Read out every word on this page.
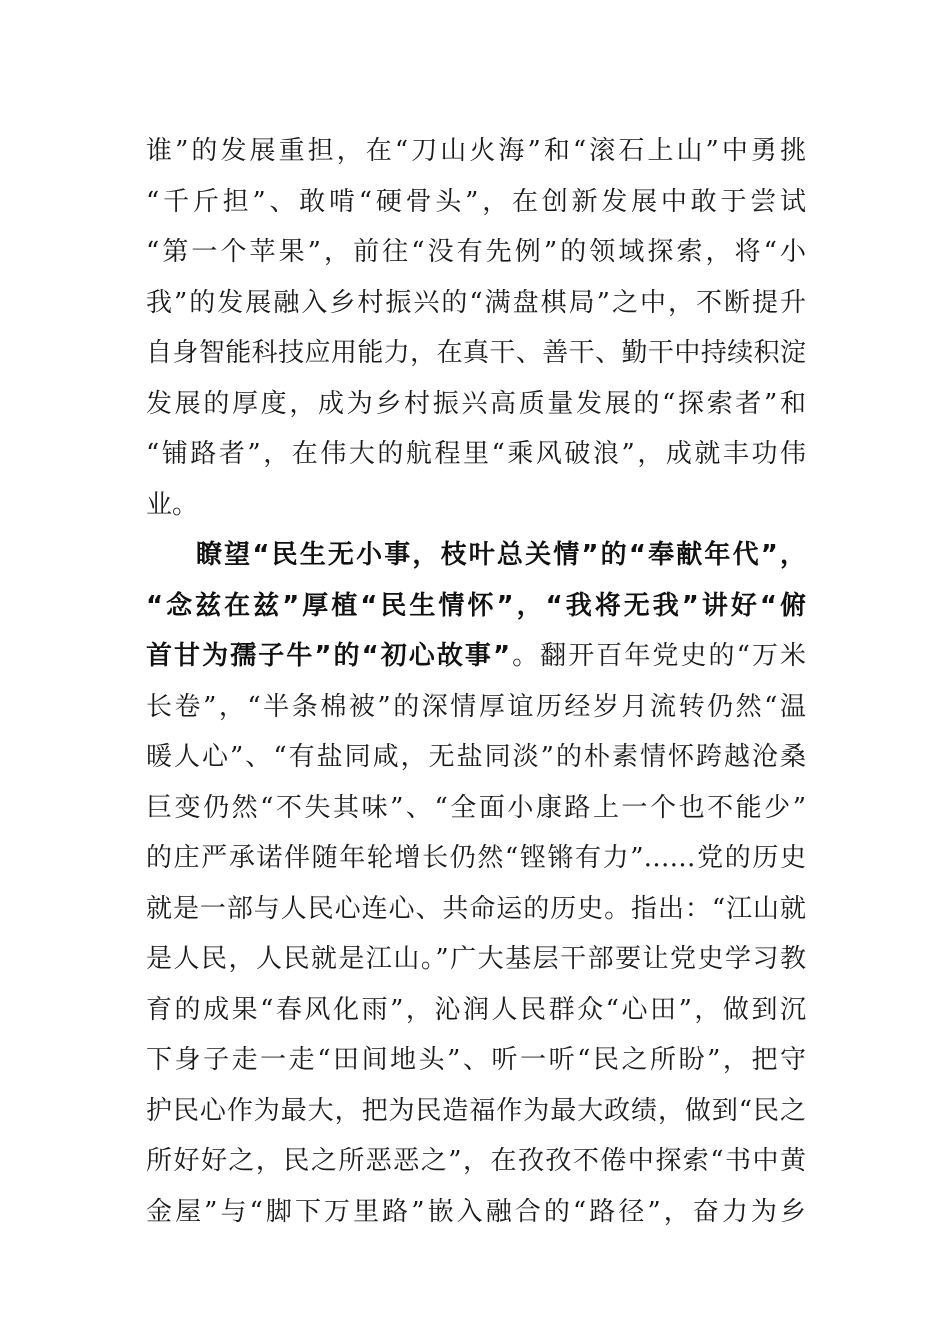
谁”的发展重担，在“刀山火海”和“滚石上山”中勇挑
“千斤担”、敢啃“硬骨头”，在创新发展中敢于尝试
“第一个苹果”，前往“没有先例”的领域探索，将“小
我”的发展融入乡村振兴的“满盘棋局”之中，不断提升
自身智能科技应用能力，在真干、善干、勤干中持续积淀
发展的厚度，成为乡村振兴高质量发展的“探索者”和
“铺路者”，在伟大的航程里“乘风破浪”，成就丰功伟
业。
瞭望“民生无小事，枝叶总关情”的“奉献年代”，
“念兹在兹”厚植“民生情怀”，“我将无我”讲好“俯
首甘为孺子牛”的“初心故事”。翻开百年党史的“万米
长卷”，“半条棉被”的深情厚谊历经岁月流转仍然“温
暖人心”、“有盐同咸，无盐同淡”的朴素情怀跨越沧桑
巨变仍然“不失其味”、“全面小康路上一个也不能少”
的庄严承诺伴随年轮增长仍然“铿锵有力”……党的历史
就是一部与人民心连心、共命运的历史。指出：“江山就
是人民，人民就是江山。”广大基层干部要让党史学习教
育的成果“春风化雨”，沁润人民群众“心田”，做到沉
下身子走一走“田间地头”、听一听“民之所盼”，把守
护民心作为最大，把为民造福作为最大政绩，做到“民之
所好好之，民之所恶恶之”，在孜孜不倦中探索“书中黄
金屋”与“脚下万里路”嵌入融合的“路径”，奋力为乡
